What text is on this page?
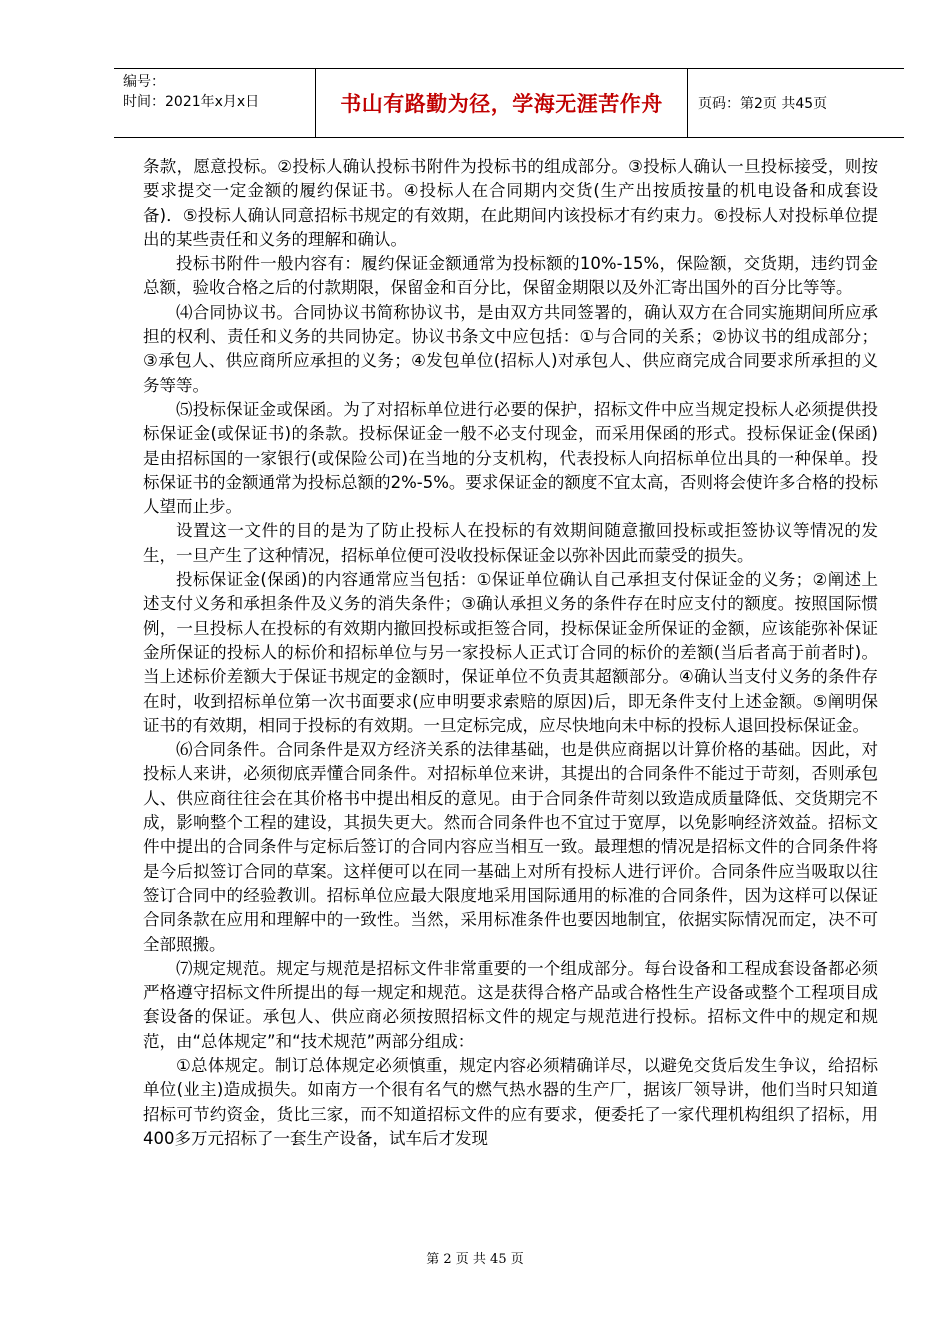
编号：
时间：2021年x月x日	书山有路勤为径，学海无涯苦作舟	页码：第2页 共45页

条款，愿意投标。②投标人确认投标书附件为投标书的组成部分。③投标人确认一旦投标接受，则按要求提交一定金额的履约保证书。④投标人在合同期内交货(生产出按质按量的机电设备和成套设备)．⑤投标人确认同意招标书规定的有效期，在此期间内该投标才有约束力。⑥投标人对投标单位提出的某些责任和义务的理解和确认。

投标书附件一般内容有：履约保证金额通常为投标额的10%-15%，保险额，交货期，违约罚金总额，验收合格之后的付款期限，保留金和百分比，保留金期限以及外汇寄出国外的百分比等等。

⑷合同协议书。合同协议书简称协议书，是由双方共同签署的，确认双方在合同实施期间所应承担的权利、责任和义务的共同协定。协议书条文中应包括：①与合同的关系；②协议书的组成部分；③承包人、供应商所应承担的义务；④发包单位(招标人)对承包人、供应商完成合同要求所承担的义务等等。

⑸投标保证金或保函。为了对招标单位进行必要的保护，招标文件中应当规定投标人必须提供投标保证金(或保证书)的条款。投标保证金一般不必支付现金，而采用保函的形式。投标保证金(保函)是由招标国的一家银行(或保险公司)在当地的分支机构，代表投标人向招标单位出具的一种保单。投标保证书的金额通常为投标总额的2%-5%。要求保证金的额度不宜太高，否则将会使许多合格的投标人望而止步。

设置这一文件的目的是为了防止投标人在投标的有效期间随意撤回投标或拒签协议等情况的发生，一旦产生了这种情况，招标单位便可没收投标保证金以弥补因此而蒙受的损失。

投标保证金(保函)的内容通常应当包括：①保证单位确认自己承担支付保证金的义务；②阐述上述支付义务和承担条件及义务的消失条件；③确认承担义务的条件存在时应支付的额度。按照国际惯例，一旦投标人在投标的有效期内撤回投标或拒签合同，投标保证金所保证的金额，应该能弥补保证金所保证的投标人的标价和招标单位与另一家投标人正式订合同的标价的差额(当后者高于前者时)。当上述标价差额大于保证书规定的金额时，保证单位不负责其超额部分。④确认当支付义务的条件存在时，收到招标单位第一次书面要求(应申明要求索赔的原因)后，即无条件支付上述金额。⑤阐明保证书的有效期，相同于投标的有效期。一旦定标完成，应尽快地向未中标的投标人退回投标保证金。

⑹合同条件。合同条件是双方经济关系的法律基础，也是供应商据以计算价格的基础。因此，对投标人来讲，必须彻底弄懂合同条件。对招标单位来讲，其提出的合同条件不能过于苛刻，否则承包人、供应商往往会在其价格书中提出相反的意见。由于合同条件苛刻以致造成质量降低、交货期完不成，影响整个工程的建设，其损失更大。然而合同条件也不宜过于宽厚，以免影响经济效益。招标文件中提出的合同条件与定标后签订的合同内容应当相互一致。最理想的情况是招标文件的合同条件将是今后拟签订合同的草案。这样便可以在同一基础上对所有投标人进行评价。合同条件应当吸取以往签订合同中的经验教训。招标单位应最大限度地采用国际通用的标准的合同条件，因为这样可以保证合同条款在应用和理解中的一致性。当然，采用标准条件也要因地制宜，依据实际情况而定，决不可全部照搬。

⑺规定规范。规定与规范是招标文件非常重要的一个组成部分。每台设备和工程成套设备都必须严格遵守招标文件所提出的每一规定和规范。这是获得合格产品或合格性生产设备或整个工程项目成套设备的保证。承包人、供应商必须按照招标文件的规定与规范进行投标。招标文件中的规定和规范，由“总体规定”和“技术规范”两部分组成：

①总体规定。制订总体规定必须慎重，规定内容必须精确详尽，以避免交货后发生争议，给招标单位(业主)造成损失。如南方一个很有名气的燃气热水器的生产厂，据该厂领导讲，他们当时只知道招标可节约资金，货比三家，而不知道招标文件的应有要求，便委托了一家代理机构组织了招标，用400多万元招标了一套生产设备，试车后才发现

第 2 页 共 45 页
